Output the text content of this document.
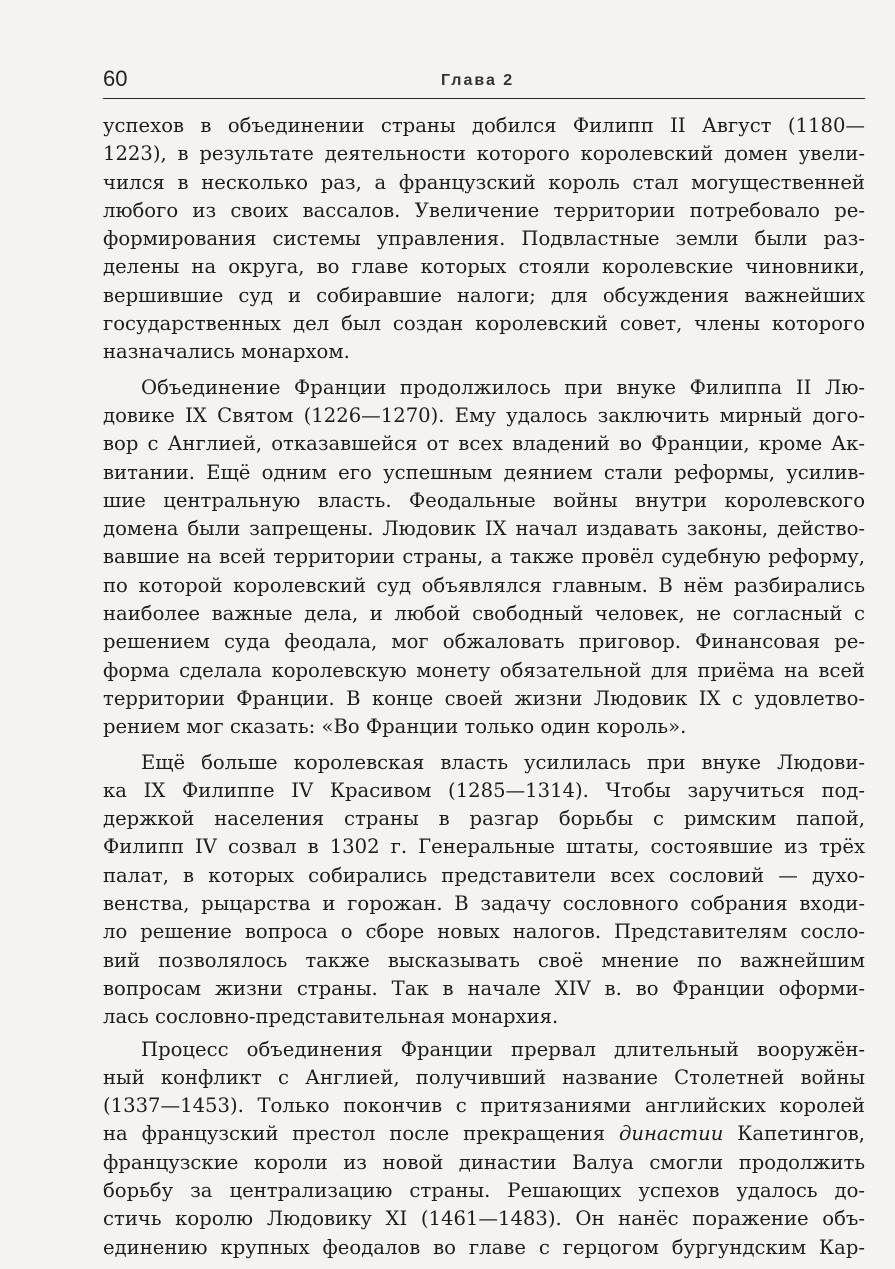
60	Глава 2
успехов в объединении страны добился Филипп II Август (1180—
1223), в результате деятельности которого королевский домен увели-
чился в несколько раз, а французский король стал могущественней
любого из своих вассалов. Увеличение территории потребовало ре-
формирования системы управления. Подвластные земли были раз-
делены на округа, во главе которых стояли королевские чиновники,
вершившие суд и собиравшие налоги; для обсуждения важнейших
государственных дел был создан королевский совет, члены которого
назначались монархом.
Объединение Франции продолжилось при внуке Филиппа II Лю-
довике IX Святом (1226—1270). Ему удалось заключить мирный дого-
вор с Англией, отказавшейся от всех владений во Франции, кроме Ак-
витании. Ещё одним его успешным деянием стали реформы, усилив-
шие центральную власть. Феодальные войны внутри королевского
домена были запрещены. Людовик IX начал издавать законы, действо-
вавшие на всей территории страны, а также провёл судебную реформу,
по которой королевский суд объявлялся главным. В нём разбирались
наиболее важные дела, и любой свободный человек, не согласный с
решением суда феодала, мог обжаловать приговор. Финансовая ре-
форма сделала королевскую монету обязательной для приёма на всей
территории Франции. В конце своей жизни Людовик IX с удовлетво-
рением мог сказать: «Во Франции только один король».
Ещё больше королевская власть усилилась при внуке Людови-
ка IX Филиппе IV Красивом (1285—1314). Чтобы заручиться под-
держкой населения страны в разгар борьбы с римским папой,
Филипп IV созвал в 1302 г. Генеральные штаты, состоявшие из трёх
палат, в которых собирались представители всех сословий — духо-
венства, рыцарства и горожан. В задачу сословного собрания входи-
ло решение вопроса о сборе новых налогов. Представителям сосло-
вий позволялось также высказывать своё мнение по важнейшим
вопросам жизни страны. Так в начале XIV в. во Франции оформи-
лась сословно-представительная монархия.
Процесс объединения Франции прервал длительный вооружён-
ный конфликт с Англией, получивший название Столетней войны
(1337—1453). Только покончив с притязаниями английских королей
на французский престол после прекращения династии Капетингов,
французские короли из новой династии Валуа смогли продолжить
борьбу за централизацию страны. Решающих успехов удалось до-
стичь королю Людовику XI (1461—1483). Он нанёс поражение объ-
единению крупных феодалов во главе с герцогом бургундским Кар-
